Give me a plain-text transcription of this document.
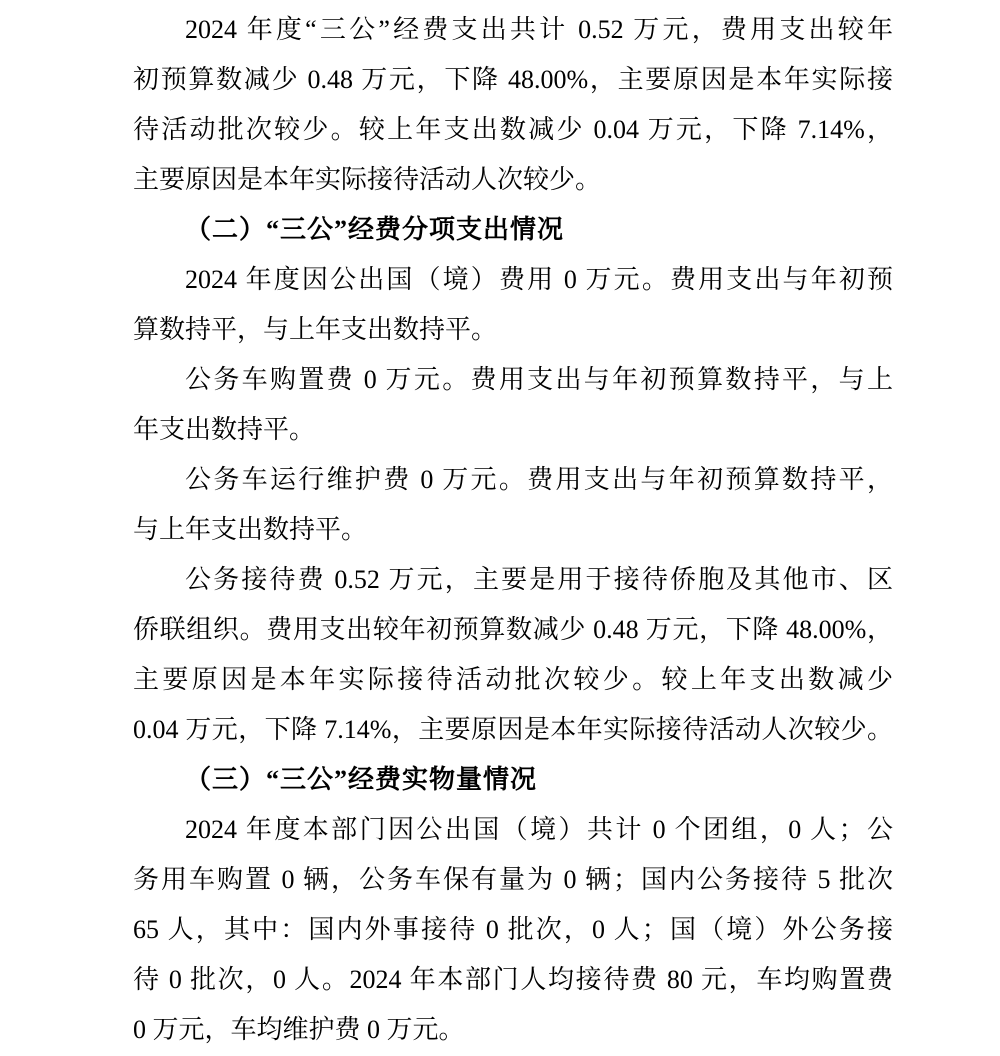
2024 年度“三公”经费支出共计 0.52 万元，费用支出较年
初预算数减少 0.48 万元，下降 48.00%，主要原因是本年实际接
待活动批次较少。较上年支出数减少 0.04 万元，下降 7.14%，
主要原因是本年实际接待活动人次较少。

（二）“三公”经费分项支出情况

2024 年度因公出国（境）费用 0 万元。费用支出与年初预
算数持平，与上年支出数持平。

公务车购置费 0 万元。费用支出与年初预算数持平，与上
年支出数持平。

公务车运行维护费 0 万元。费用支出与年初预算数持平，
与上年支出数持平。

公务接待费 0.52 万元，主要是用于接待侨胞及其他市、区
侨联组织。费用支出较年初预算数减少 0.48 万元，下降 48.00%，
主要原因是本年实际接待活动批次较少。较上年支出数减少
0.04 万元，下降 7.14%，主要原因是本年实际接待活动人次较少。

（三）“三公”经费实物量情况

2024 年度本部门因公出国（境）共计 0 个团组，0 人；公
务用车购置 0 辆，公务车保有量为 0 辆；国内公务接待 5 批次
65 人，其中：国内外事接待 0 批次，0 人；国（境）外公务接
待 0 批次，0 人。2024 年本部门人均接待费 80 元，车均购置费
0 万元，车均维护费 0 万元。
